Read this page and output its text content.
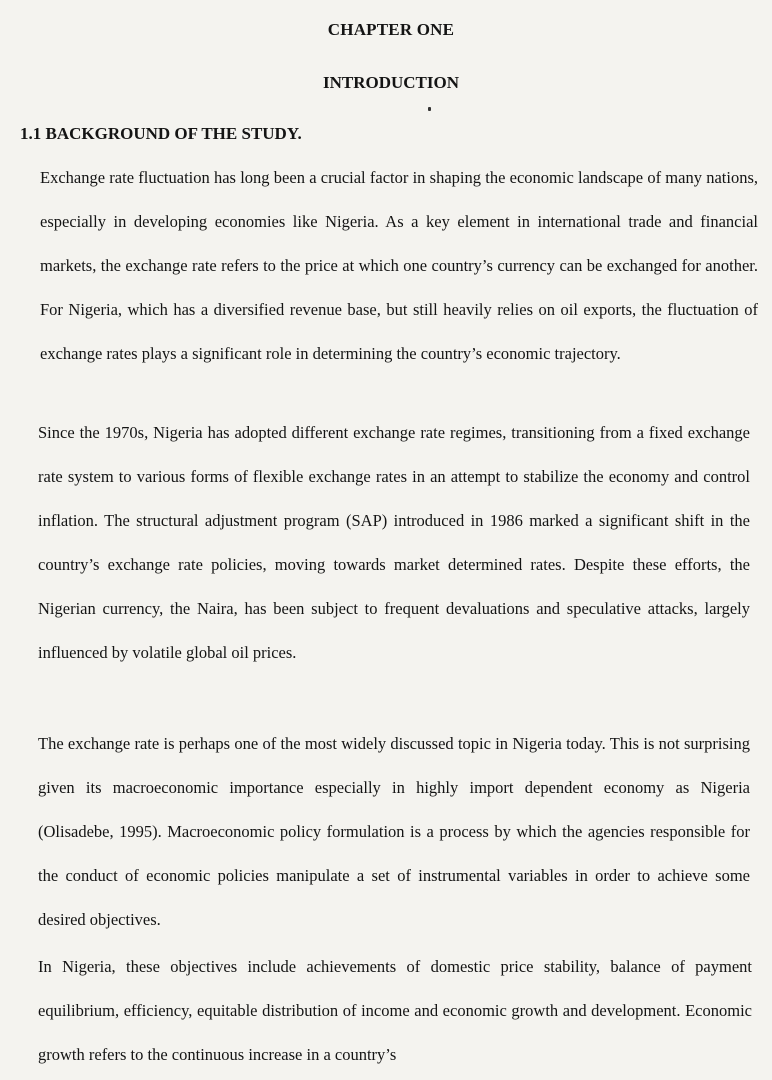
CHAPTER ONE
INTRODUCTION
1.1 BACKGROUND OF THE STUDY.

Exchange rate fluctuation has long been a crucial factor in shaping the economic landscape of many nations, especially in developing economies like Nigeria. As a key element in international trade and financial markets, the exchange rate refers to the price at which one country’s currency can be exchanged for another. For Nigeria, which has a diversified revenue base, but still heavily relies on oil exports, the fluctuation of exchange rates plays a significant role in determining the country’s economic trajectory.

Since the 1970s, Nigeria has adopted different exchange rate regimes, transitioning from a fixed exchange rate system to various forms of flexible exchange rates in an attempt to stabilize the economy and control inflation. The structural adjustment program (SAP) introduced in 1986 marked a significant shift in the country’s exchange rate policies, moving towards market determined rates. Despite these efforts, the Nigerian currency, the Naira, has been subject to frequent devaluations and speculative attacks, largely influenced by volatile global oil prices.

The exchange rate is perhaps one of the most widely discussed topic in Nigeria today. This is not surprising given its macroeconomic importance especially in highly import dependent economy as Nigeria (Olisadebe, 1995). Macroeconomic policy formulation is a process by which the agencies responsible for the conduct of economic policies manipulate a set of instrumental variables in order to achieve some desired objectives.

In Nigeria, these objectives include achievements of domestic price stability, balance of payment equilibrium, efficiency, equitable distribution of income and economic growth and development. Economic growth refers to the continuous increase in a country’s
